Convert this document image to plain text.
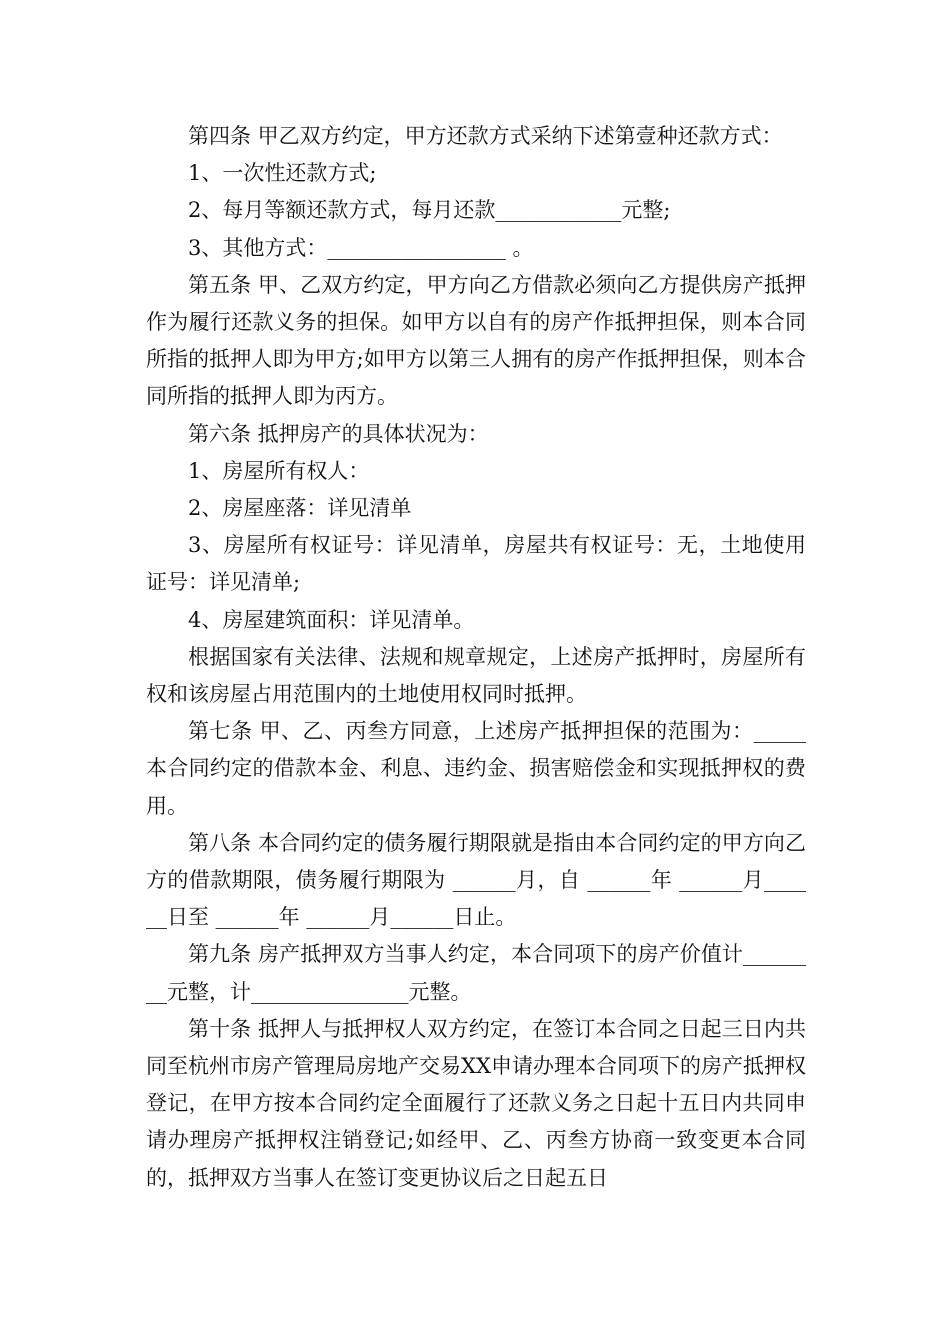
第四条 甲乙双方约定，甲方还款方式采纳下述第壹种还款方式：

1、一次性还款方式;

2、每月等额还款方式，每月还款____________元整;

3、其他方式：_________________ 。

第五条 甲、乙双方约定，甲方向乙方借款必须向乙方提供房产抵押作为履行还款义务的担保。如甲方以自有的房产作抵押担保，则本合同所指的抵押人即为甲方;如甲方以第三人拥有的房产作抵押担保，则本合同所指的抵押人即为丙方。

第六条 抵押房产的具体状况为：

1、房屋所有权人：

2、房屋座落：详见清单

3、房屋所有权证号：详见清单，房屋共有权证号：无，土地使用证号：详见清单;

4、房屋建筑面积：详见清单。

根据国家有关法律、法规和规章规定，上述房产抵押时，房屋所有权和该房屋占用范围内的土地使用权同时抵押。

第七条 甲、乙、丙叁方同意，上述房产抵押担保的范围为：_____本合同约定的借款本金、利息、违约金、损害赔偿金和实现抵押权的费用。

第八条 本合同约定的债务履行期限就是指由本合同约定的甲方向乙方的借款期限，债务履行期限为 ______月，自 ______年 ______月______日至 ______年 ______月______日止。

第九条 房产抵押双方当事人约定，本合同项下的房产价值计________元整，计_______________元整。

第十条 抵押人与抵押权人双方约定，在签订本合同之日起三日内共同至杭州市房产管理局房地产交易XX申请办理本合同项下的房产抵押权登记，在甲方按本合同约定全面履行了还款义务之日起十五日内共同申请办理房产抵押权注销登记;如经甲、乙、丙叁方协商一致变更本合同的，抵押双方当事人在签订变更协议后之日起五日
